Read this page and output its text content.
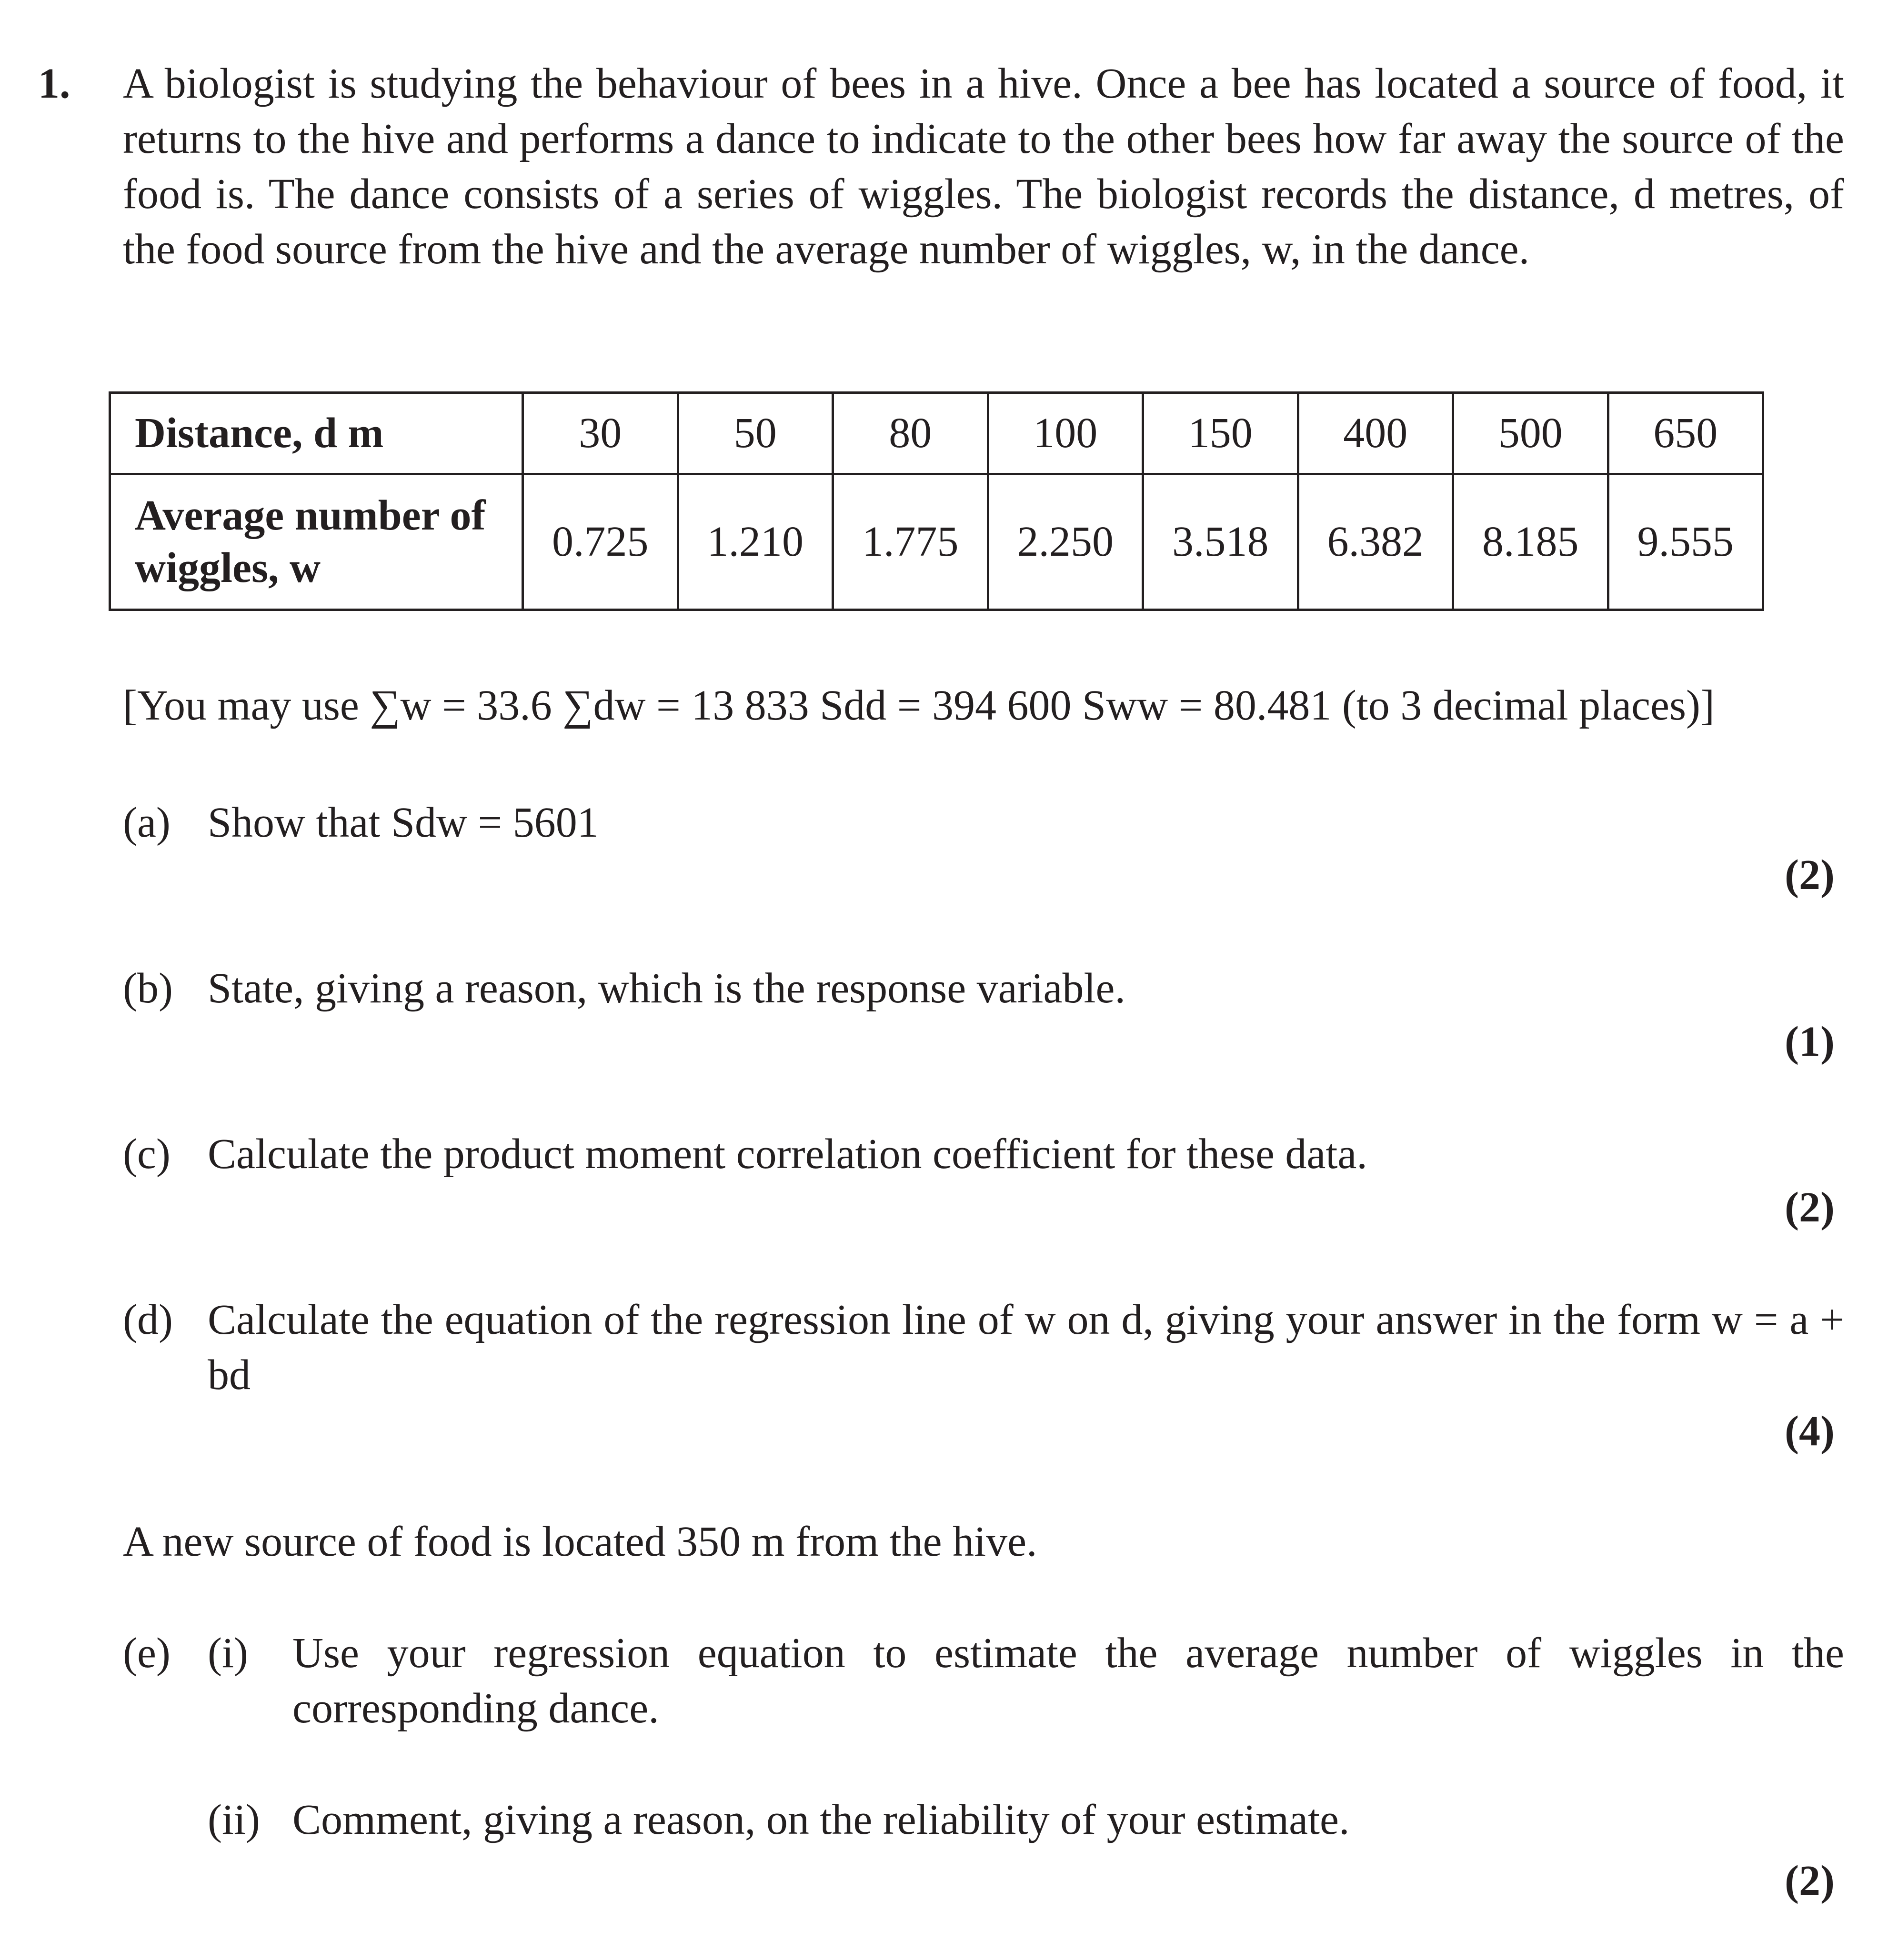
1. A biologist is studying the behaviour of bees in a hive. Once a bee has located a source of food, it returns to the hive and performs a dance to indicate to the other bees how far away the source of the food is. The dance consists of a series of wiggles. The biologist records the distance, d metres, of the food source from the hive and the average number of wiggles, w, in the dance.

Distance, d m	30	50	80	100	150	400	500	650
Average number of wiggles, w	0.725	1.210	1.775	2.250	3.518	6.382	8.185	9.555
[You may use ∑w = 33.6 ∑dw = 13 833 Sdd = 394 600 Sww = 80.481 (to 3 decimal places)]
(a) Show that Sdw = 5601
(2)
(b) State, giving a reason, which is the response variable.
(1)
(c) Calculate the product moment correlation coefficient for these data.
(2)
(d) Calculate the equation of the regression line of w on d, giving your answer in the form w = a + bd
(4)
A new source of food is located 350 m from the hive.
(e) (i) Use your regression equation to estimate the average number of wiggles in the corresponding dance.
(ii) Comment, giving a reason, on the reliability of your estimate.
(2)
